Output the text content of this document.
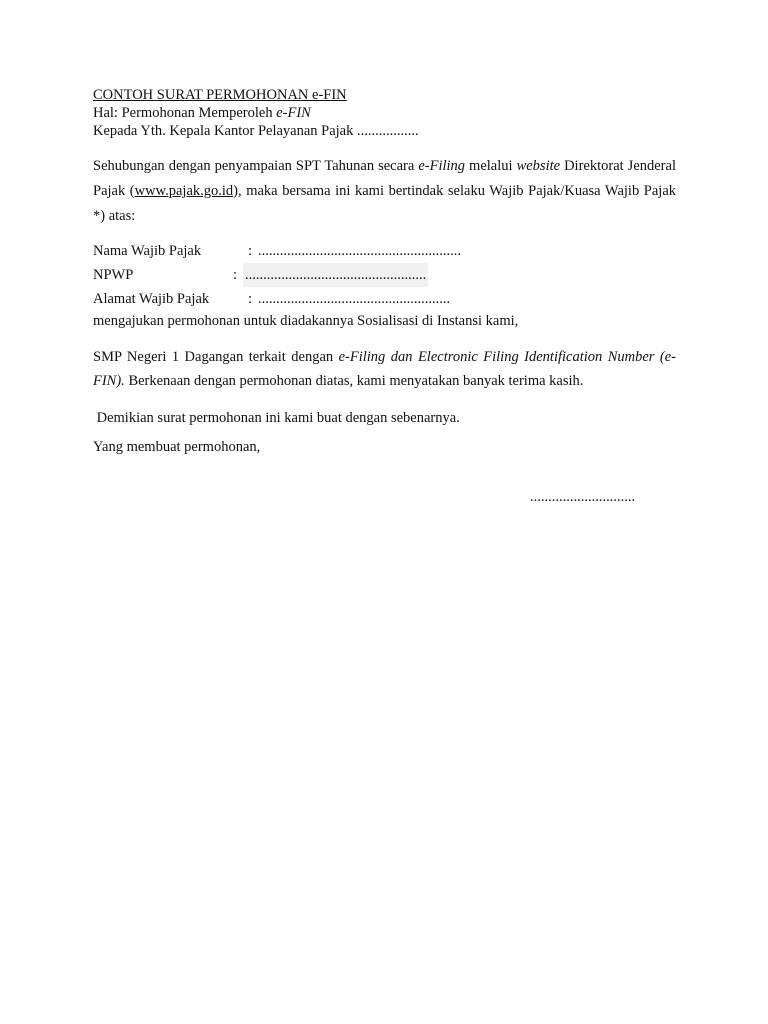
CONTOH SURAT PERMOHONAN e-FIN
Hal: Permohonan Memperoleh e-FIN
Kepada Yth. Kepala Kantor Pelayanan Pajak .................
Sehubungan dengan penyampaian SPT Tahunan secara e-Filing melalui website Direktorat Jenderal Pajak (www.pajak.go.id), maka bersama ini kami bertindak selaku Wajib Pajak/Kuasa Wajib Pajak *) atas:
Nama Wajib Pajak	: ........................................................
NPWP	: ..................................................
Alamat Wajib Pajak	: .....................................................
mengajukan permohonan untuk diadakannya Sosialisasi di Instansi kami,
SMP Negeri 1 Dagangan terkait dengan e-Filing dan Electronic Filing Identification Number (e-FIN). Berkenaan dengan permohonan diatas, kami menyatakan banyak terima kasih.
Demikian surat permohonan ini kami buat dengan sebenarnya.
Yang membuat permohonan,
.............................
